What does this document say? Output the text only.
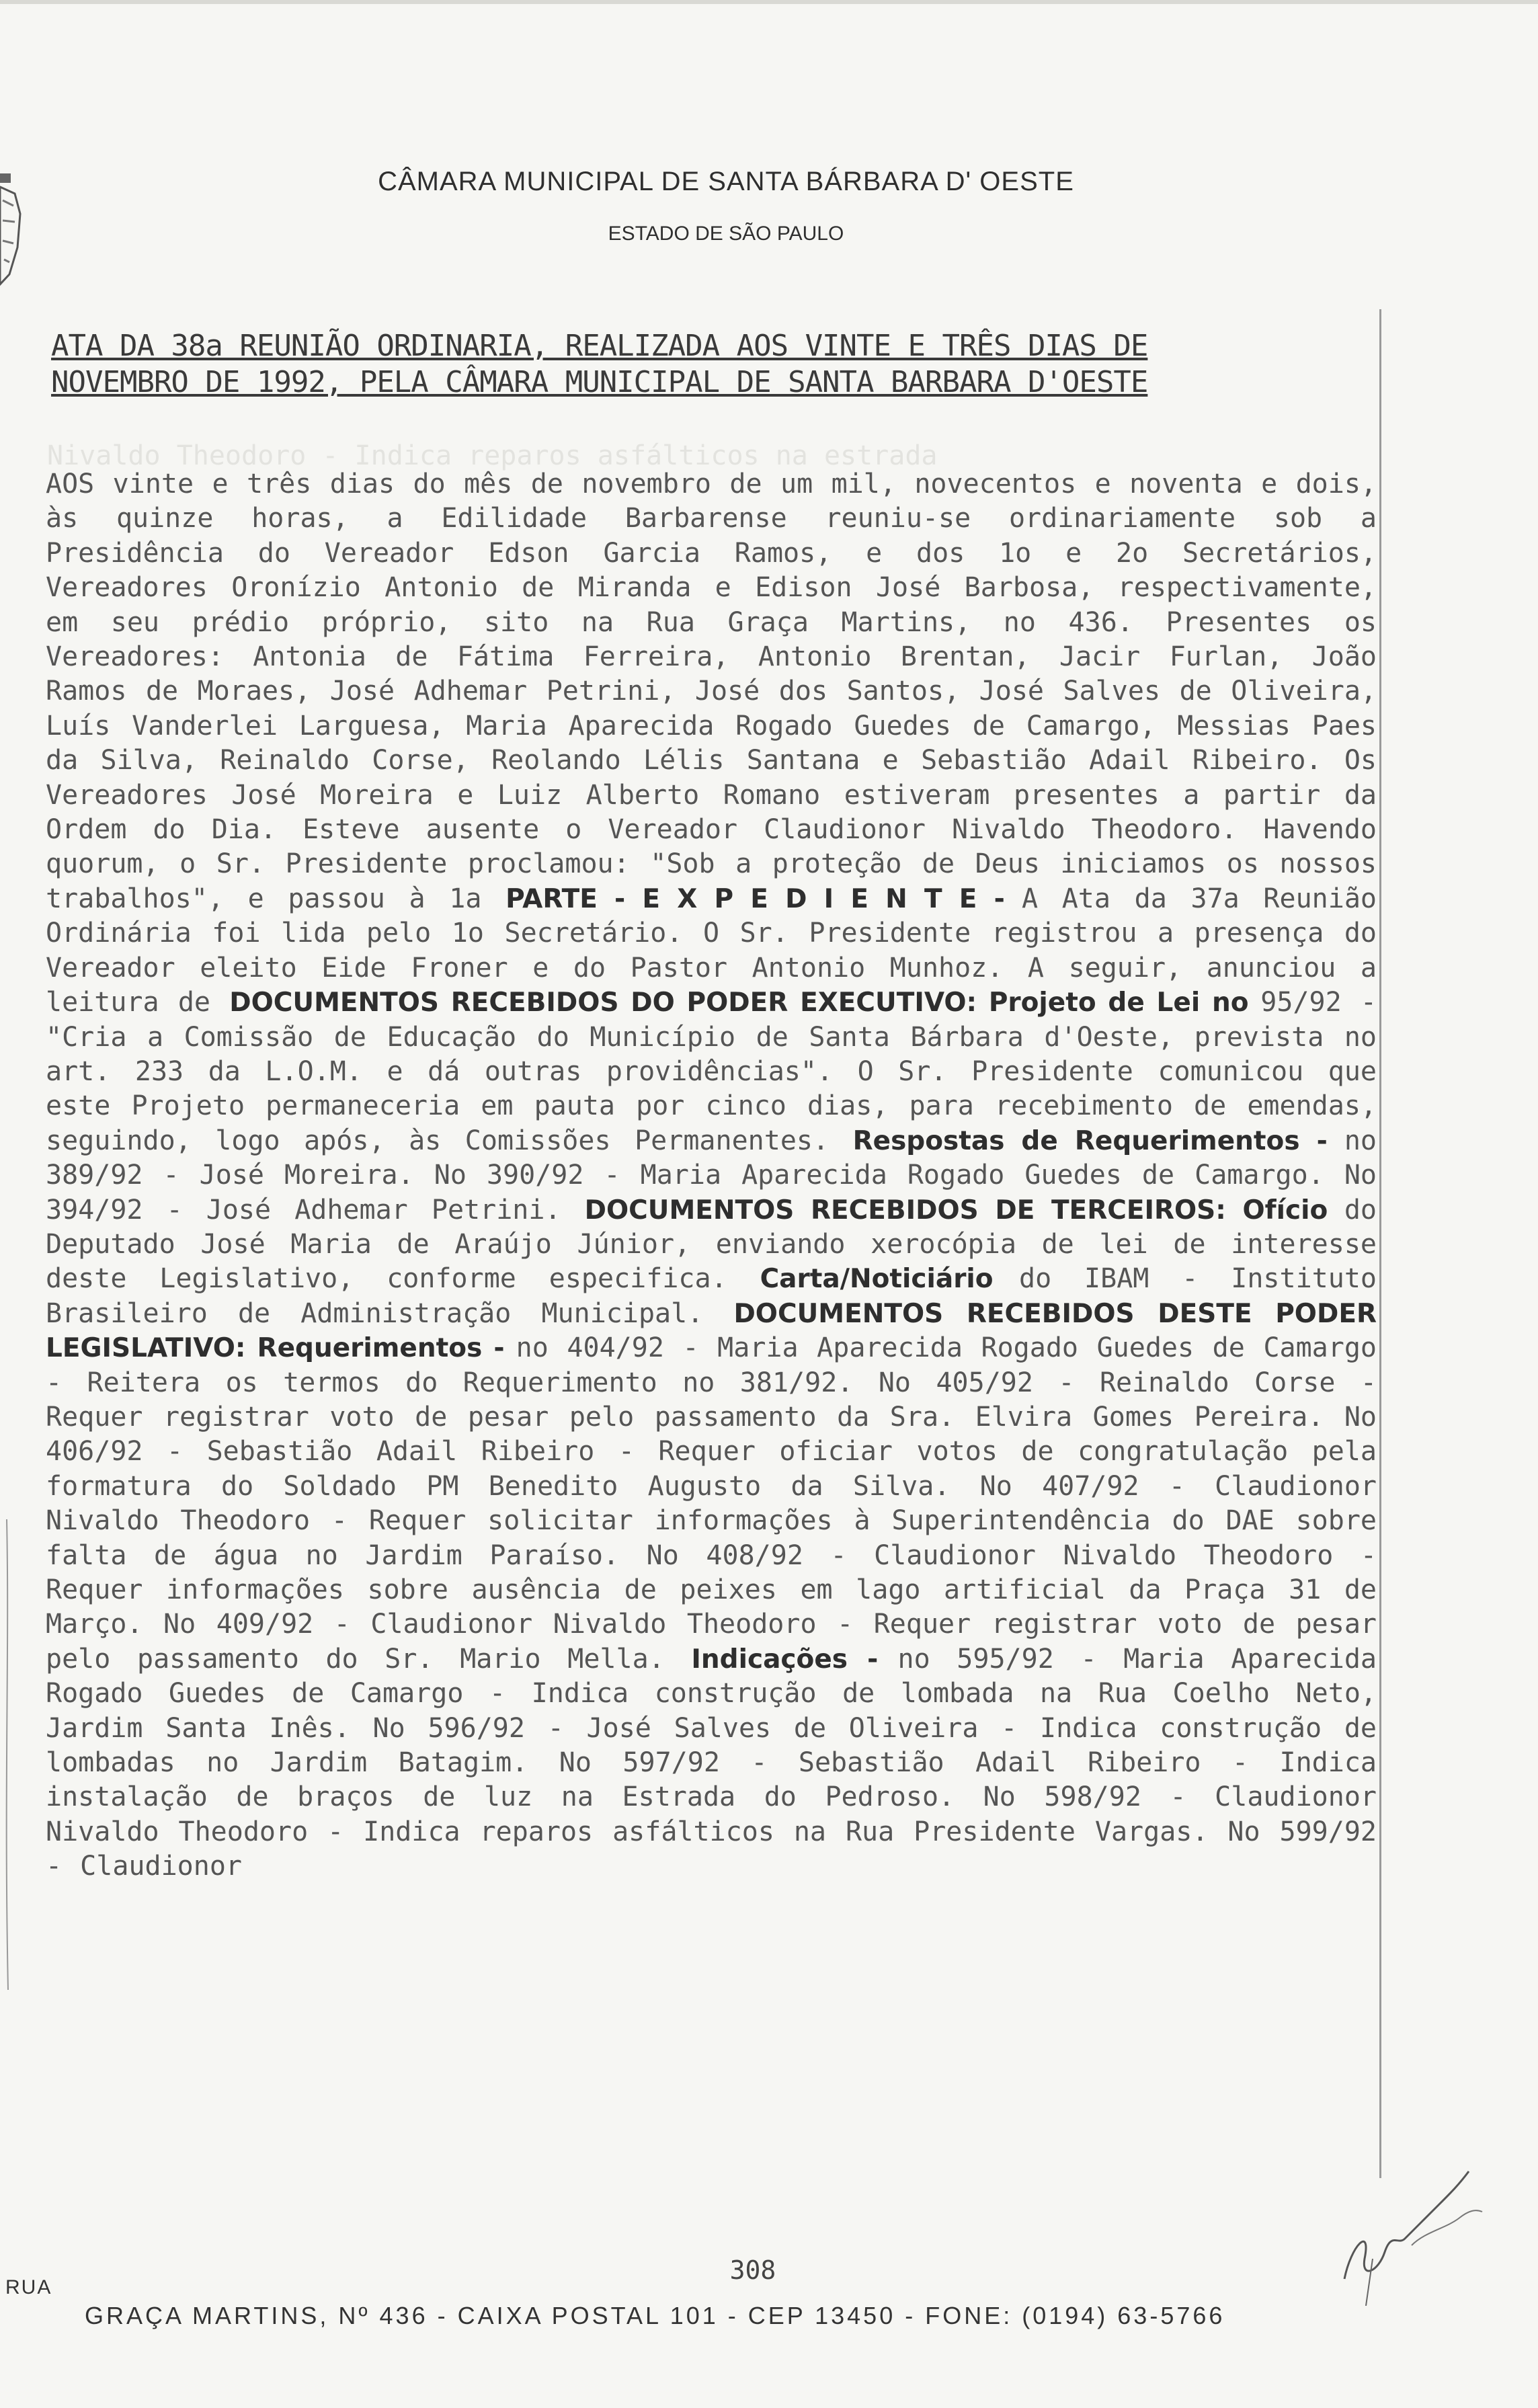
CÂMARA MUNICIPAL DE SANTA BÁRBARA D' OESTE
ESTADO DE SÃO PAULO
ATA DA 38a REUNIÃO ORDINARIA, REALIZADA AOS VINTE E TRÊS DIAS DE
NOVEMBRO DE 1992, PELA CÂMARA MUNICIPAL DE SANTA BARBARA D'OESTE
Nivaldo Theodoro - Indica reparos asfálticos na estrada
AOS vinte e três dias do mês de novembro de um mil, novecentos e noventa e dois, às quinze horas, a Edilidade Barbarense reuniu-se ordinariamente sob a Presidência do Vereador Edson Garcia Ramos, e dos 1o e 2o Secretários, Vereadores Oronízio Antonio de Miranda e Edison José Barbosa, respectivamente, em seu prédio próprio, sito na Rua Graça Martins, no 436. Presentes os Vereadores: Antonia de Fátima Ferreira, Antonio Brentan, Jacir Furlan, João Ramos de Moraes, José Adhemar Petrini, José dos Santos, José Salves de Oliveira, Luís Vanderlei Larguesa, Maria Aparecida Rogado Guedes de Camargo, Messias Paes da Silva, Reinaldo Corse, Reolando Lélis Santana e Sebastião Adail Ribeiro. Os Vereadores José Moreira e Luiz Alberto Romano estiveram presentes a partir da Ordem do Dia. Esteve ausente o Vereador Claudionor Nivaldo Theodoro. Havendo quorum, o Sr. Presidente proclamou: "Sob a proteção de Deus iniciamos os nossos trabalhos", e passou à 1a PARTE - E X P E D I E N T E - A Ata da 37a Reunião Ordinária foi lida pelo 1o Secretário. O Sr. Presidente registrou a presença do Vereador eleito Eide Froner e do Pastor Antonio Munhoz. A seguir, anunciou a leitura de DOCUMENTOS RECEBIDOS DO PODER EXECUTIVO: Projeto de Lei no 95/92 - "Cria a Comissão de Educação do Município de Santa Bárbara d'Oeste, prevista no art. 233 da L.O.M. e dá outras providências". O Sr. Presidente comunicou que este Projeto permaneceria em pauta por cinco dias, para recebimento de emendas, seguindo, logo após, às Comissões Permanentes. Respostas de Requerimentos - no 389/92 - José Moreira. No 390/92 - Maria Aparecida Rogado Guedes de Camargo. No 394/92 - José Adhemar Petrini. DOCUMENTOS RECEBIDOS DE TERCEIROS: Ofício do Deputado José Maria de Araújo Júnior, enviando xerocópia de lei de interesse deste Legislativo, conforme especifica. Carta/Noticiário do IBAM - Instituto Brasileiro de Administração Municipal. DOCUMENTOS RECEBIDOS DESTE PODER LEGISLATIVO: Requerimentos - no 404/92 - Maria Aparecida Rogado Guedes de Camargo - Reitera os termos do Requerimento no 381/92. No 405/92 - Reinaldo Corse - Requer registrar voto de pesar pelo passamento da Sra. Elvira Gomes Pereira. No 406/92 - Sebastião Adail Ribeiro - Requer oficiar votos de congratulação pela formatura do Soldado PM Benedito Augusto da Silva. No 407/92 - Claudionor Nivaldo Theodoro - Requer solicitar informações à Superintendência do DAE sobre falta de água no Jardim Paraíso. No 408/92 - Claudionor Nivaldo Theodoro - Requer informações sobre ausência de peixes em lago artificial da Praça 31 de Março. No 409/92 - Claudionor Nivaldo Theodoro - Requer registrar voto de pesar pelo passamento do Sr. Mario Mella. Indicações - no 595/92 - Maria Aparecida Rogado Guedes de Camargo - Indica construção de lombada na Rua Coelho Neto, Jardim Santa Inês. No 596/92 - José Salves de Oliveira - Indica construção de lombadas no Jardim Batagim. No 597/92 - Sebastião Adail Ribeiro - Indica instalação de braços de luz na Estrada do Pedroso. No 598/92 - Claudionor Nivaldo Theodoro - Indica reparos asfálticos na Rua Presidente Vargas. No 599/92 - Claudionor
308
RUA
GRAÇA MARTINS, Nº 436 - CAIXA POSTAL 101 - CEP 13450 - FONE: (0194) 63-5766
